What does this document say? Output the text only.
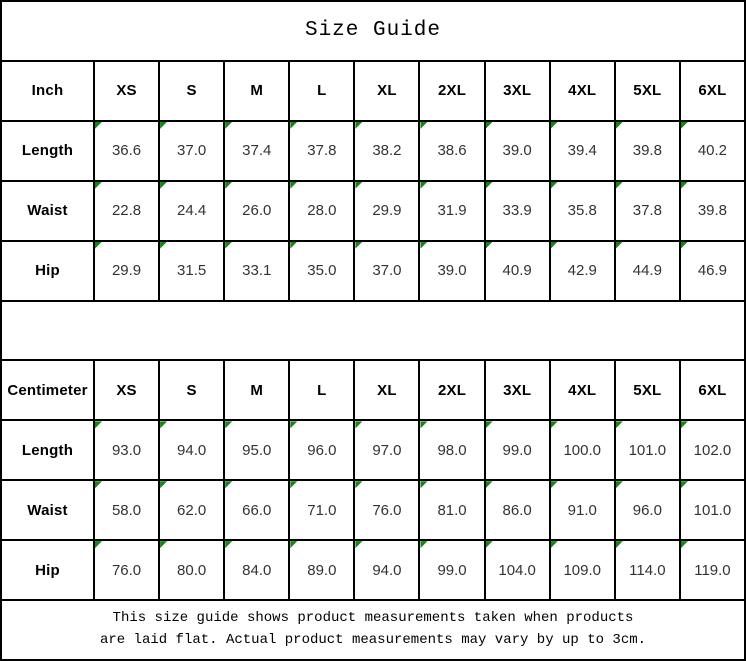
Size Guide
Inch	XS	S	M	L	XL	2XL	3XL	4XL	5XL	6XL
Length	36.6 37.0 37.4 37.8 38.2 38.6 39.0 39.4 39.8 40.2
Waist	22.8 24.4 26.0 28.0 29.9 31.9 33.9 35.8 37.8 39.8
Hip	29.9 31.5 33.1 35.0 37.0 39.0 40.9 42.9 44.9 46.9
Centimeter	XS	S	M	L	XL	2XL	3XL	4XL	5XL	6XL
Length	93.0 94.0 95.0 96.0 97.0 98.0 99.0 100.0 101.0 102.0
Waist	58.0 62.0 66.0 71.0 76.0 81.0 86.0 91.0 96.0 101.0
Hip	76.0 80.0 84.0 89.0 94.0 99.0 104.0 109.0 114.0 119.0
This size guide shows product measurements taken when products
are laid flat. Actual product measurements may vary by up to 3cm.
